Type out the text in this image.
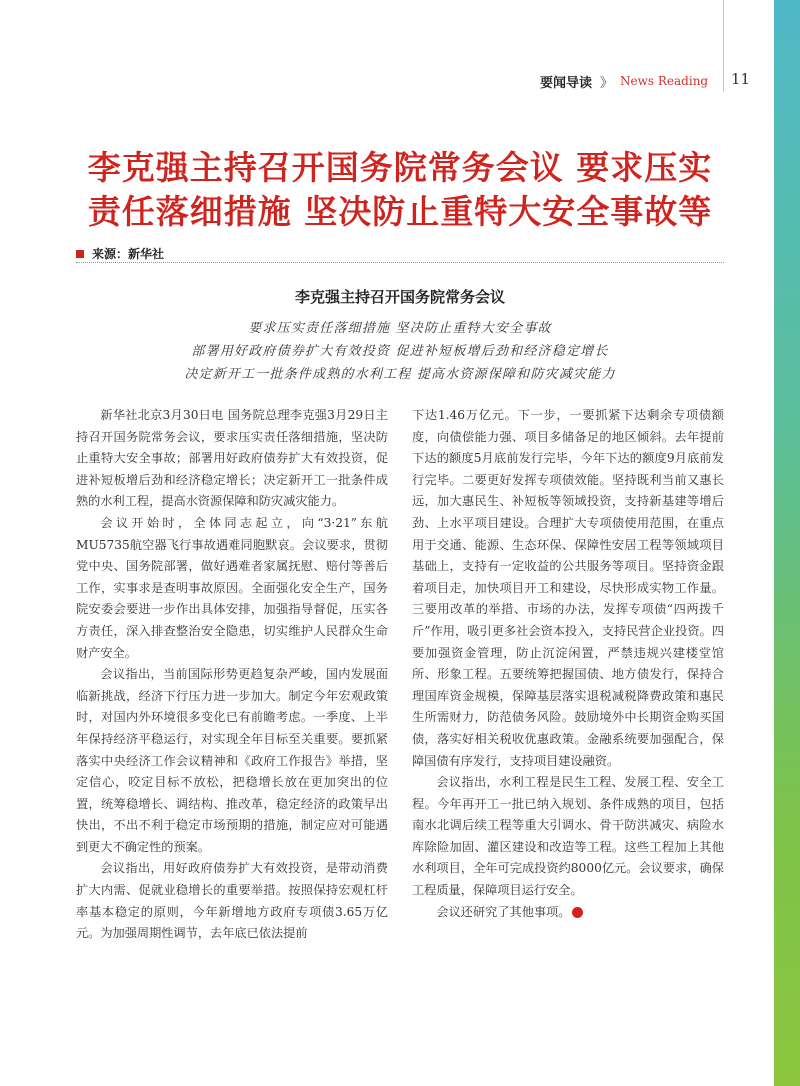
要闻导读 》 News Reading 11
李克强主持召开国务院常务会议 要求压实
责任落细措施 坚决防止重特大安全事故等
来源： 新华社
李克强主持召开国务院常务会议
要求压实责任落细措施 坚决防止重特大安全事故
部署用好政府债券扩大有效投资 促进补短板增后劲和经济稳定增长
决定新开工一批条件成熟的水利工程 提高水资源保障和防灾减灾能力

新华社北京3月30日电 国务院总理李克强3月29日主持召开国务院常务会议，要求压实责任落细措施，坚决防止重特大安全事故；部署用好政府债券扩大有效投资，促进补短板增后劲和经济稳定增长；决定新开工一批条件成熟的水利工程，提高水资源保障和防灾减灾能力。

会议开始时，全体同志起立，向“3·21”东航MU5735航空器飞行事故遇难同胞默哀。会议要求，贯彻党中央、国务院部署，做好遇难者家属抚慰、赔付等善后工作，实事求是查明事故原因。全面强化安全生产，国务院安委会要进一步作出具体安排，加强指导督促，压实各方责任，深入排查整治安全隐患，切实维护人民群众生命财产安全。

会议指出，当前国际形势更趋复杂严峻，国内发展面临新挑战，经济下行压力进一步加大。制定今年宏观政策时，对国内外环境很多变化已有前瞻考虑。一季度、上半年保持经济平稳运行，对实现全年目标至关重要。要抓紧落实中央经济工作会议精神和《政府工作报告》举措，坚定信心，咬定目标不放松，把稳增长放在更加突出的位置，统筹稳增长、调结构、推改革，稳定经济的政策早出快出，不出不利于稳定市场预期的措施，制定应对可能遇到更大不确定性的预案。

会议指出，用好政府债券扩大有效投资，是带动消费扩大内需、促就业稳增长的重要举措。按照保持宏观杠杆率基本稳定的原则，今年新增地方政府专项债3.65万亿元。为加强周期性调节，去年底已依法提前

下达1.46万亿元。下一步，一要抓紧下达剩余专项债额度，向债偿能力强、项目多储备足的地区倾斜。去年提前下达的额度5月底前发行完毕，今年下达的额度9月底前发行完毕。二要更好发挥专项债效能。坚持既利当前又惠长远，加大惠民生、补短板等领域投资，支持新基建等增后劲、上水平项目建设。合理扩大专项债使用范围，在重点用于交通、能源、生态环保、保障性安居工程等领域项目基础上，支持有一定收益的公共服务等项目。坚持资金跟着项目走，加快项目开工和建设，尽快形成实物工作量。三要用改革的举措、市场的办法，发挥专项债“四两拨千斤”作用，吸引更多社会资本投入，支持民营企业投资。四要加强资金管理，防止沉淀闲置，严禁违规兴建楼堂馆所、形象工程。五要统筹把握国债、地方债发行，保持合理国库资金规模，保障基层落实退税减税降费政策和惠民生所需财力，防范债务风险。鼓励境外中长期资金购买国债，落实好相关税收优惠政策。金融系统要加强配合，保障国债有序发行，支持项目建设融资。

会议指出，水利工程是民生工程、发展工程、安全工程。今年再开工一批已纳入规划、条件成熟的项目，包括南水北调后续工程等重大引调水、骨干防洪减灾、病险水库除险加固、灌区建设和改造等工程。这些工程加上其他水利项目，全年可完成投资约8000亿元。会议要求，确保工程质量，保障项目运行安全。

会议还研究了其他事项。	C
